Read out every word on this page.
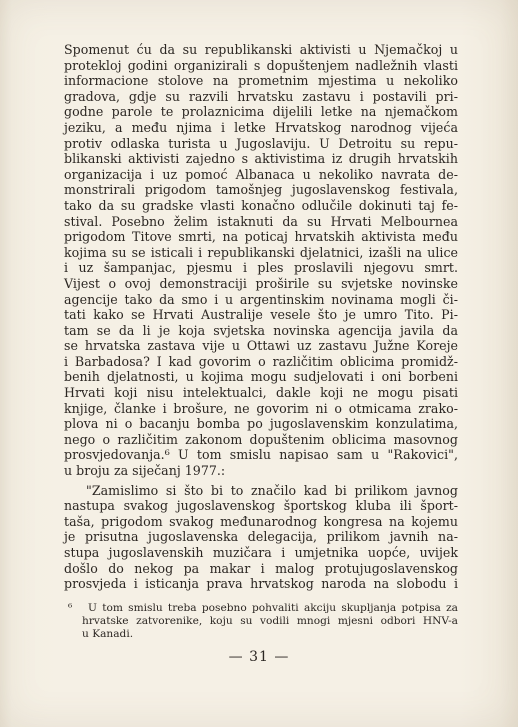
Spomenut ću da su republikanski aktivisti u Njemačkoj u
protekloj godini organizirali s dopuštenjem nadležnih vlasti
informacione stolove na prometnim mjestima u nekoliko
gradova, gdje su razvili hrvatsku zastavu i postavili pri-
godne parole te prolaznicima dijelili letke na njemačkom
jeziku, a među njima i letke Hrvatskog narodnog vijeća
protiv odlaska turista u Jugoslaviju. U Detroitu su repu-
blikanski aktivisti zajedno s aktivistima iz drugih hrvatskih
organizacija i uz pomoć Albanaca u nekoliko navrata de-
monstrirali prigodom tamošnjeg jugoslavenskog festivala,
tako da su gradske vlasti konačno odlučile dokinuti taj fe-
stival. Posebno želim istaknuti da su Hrvati Melbournea
prigodom Titove smrti, na poticaj hrvatskih aktivista među
kojima su se isticali i republikanski djelatnici, izašli na ulice
i uz šampanjac, pjesmu i ples proslavili njegovu smrt.
Vijest o ovoj demonstraciji proširile su svjetske novinske
agencije tako da smo i u argentinskim novinama mogli či-
tati kako se Hrvati Australije vesele što je umro Tito. Pi-
tam se da li je koja svjetska novinska agencija javila da
se hrvatska zastava vije u Ottawi uz zastavu Južne Koreje
i Barbadosa? I kad govorim o različitim oblicima promidž-
benih djelatnosti, u kojima mogu sudjelovati i oni borbeni
Hrvati koji nisu intelektualci, dakle koji ne mogu pisati
knjige, članke i brošure, ne govorim ni o otmicama zrako-
plova ni o bacanju bomba po jugoslavenskim konzulatima,
nego o različitim zakonom dopuštenim oblicima masovnog
prosvjedovanja.⁶ U tom smislu napisao sam u "Rakovici",
u broju za siječanj 1977.:
"Zamislimo si što bi to značilo kad bi prilikom javnog
nastupa svakog jugoslavenskog športskog kluba ili šport-
taša, prigodom svakog međunarodnog kongresa na kojemu
je prisutna jugoslavenska delegacija, prilikom javnih na-
stupa jugoslavenskih muzičara i umjetnika uopće, uvijek
došlo do nekog pa makar i malog protujugoslavenskog
prosvjeda i isticanja prava hrvatskog naroda na slobodu i
⁶ U tom smislu treba posebno pohvaliti akciju skupljanja potpisa za
hrvatske zatvorenike, koju su vodili mnogi mjesni odbori HNV-a
u Kanadi.
— 31 —
